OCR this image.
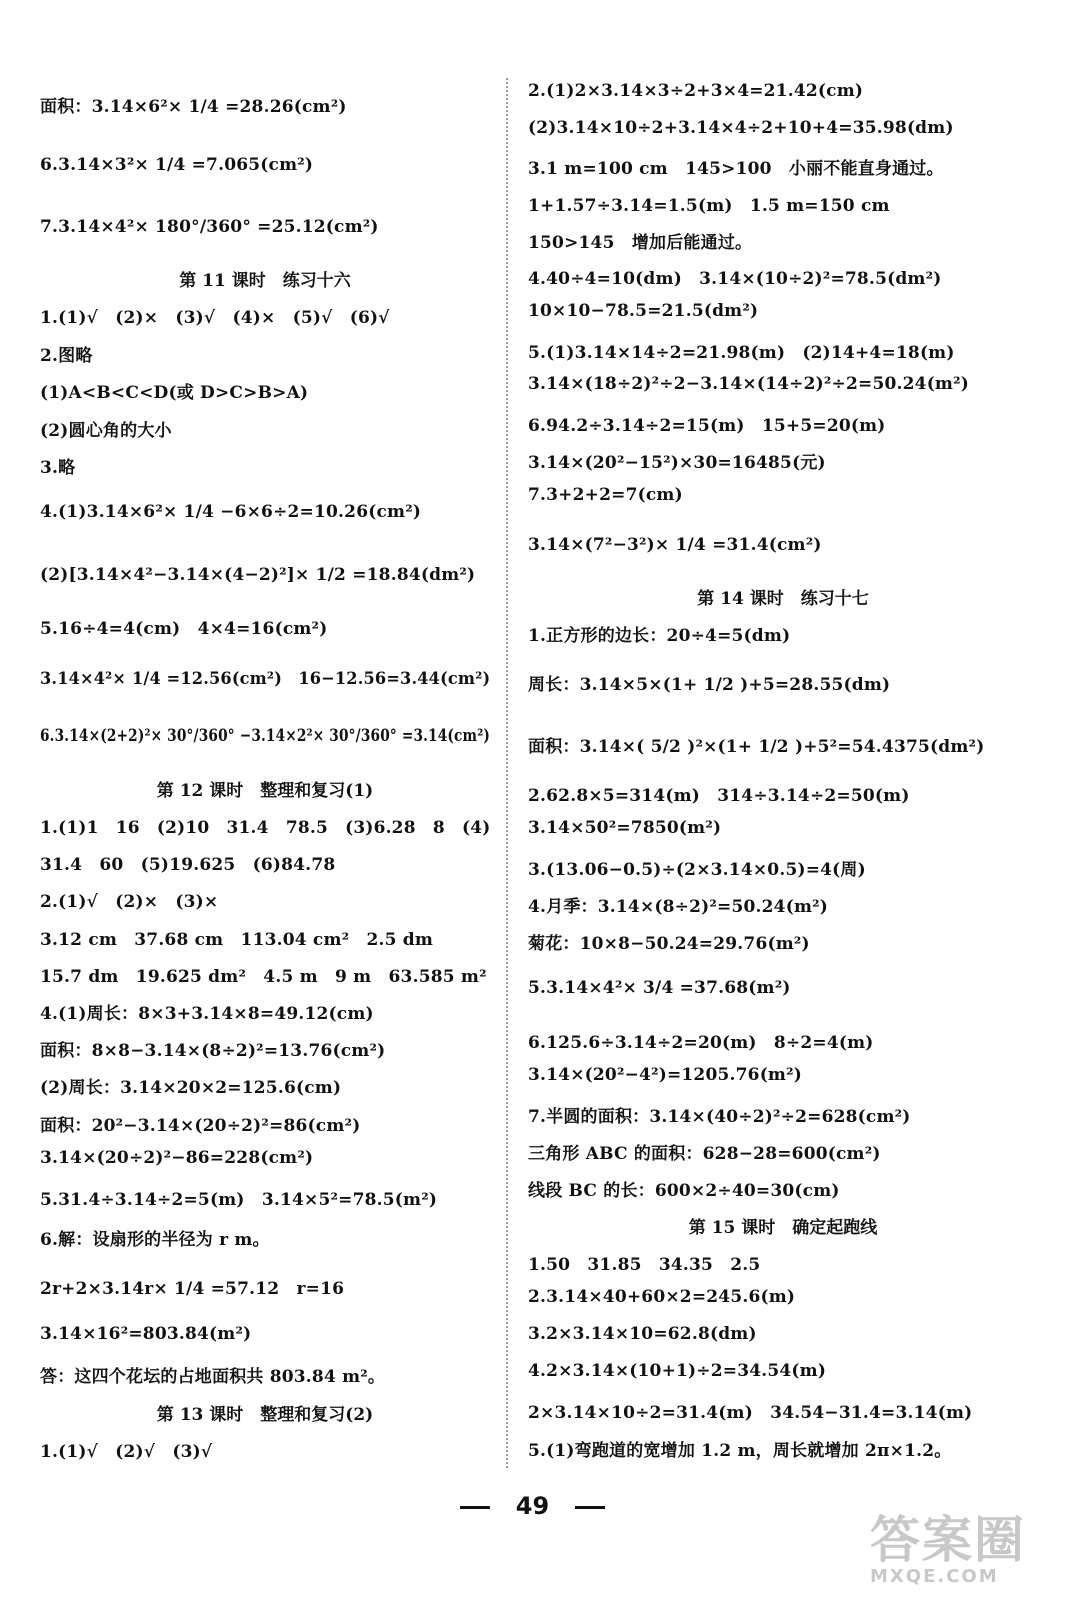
面积：3.14×6²× 1/4 =28.26(cm²)
6.3.14×3²× 1/4 =7.065(cm²)
7.3.14×4²× 180°/360° =25.12(cm²)
第 11 课时　练习十六
1.(1)√　(2)×　(3)√　(4)×　(5)√　(6)√
2.图略
(1)A<B<C<D(或 D>C>B>A)
(2)圆心角的大小
3.略
4.(1)3.14×6²× 1/4 −6×6÷2=10.26(cm²)
(2)[3.14×4²−3.14×(4−2)²]× 1/2 =18.84(dm²)
5.16÷4=4(cm)　4×4=16(cm²)
3.14×4²× 1/4 =12.56(cm²)　16−12.56=3.44(cm²)
6.3.14×(2+2)²× 30°/360° −3.14×2²× 30°/360° =3.14(cm²)
第 12 课时　整理和复习(1)
1.(1)1　16　(2)10　31.4　78.5　(3)6.28　8　(4)
31.4　60　(5)19.625　(6)84.78
2.(1)√　(2)×　(3)×
3.12 cm　37.68 cm　113.04 cm²　2.5 dm
15.7 dm　19.625 dm²　4.5 m　9 m　63.585 m²
4.(1)周长：8×3+3.14×8=49.12(cm)
面积：8×8−3.14×(8÷2)²=13.76(cm²)
(2)周长：3.14×20×2=125.6(cm)
面积：20²−3.14×(20÷2)²=86(cm²)
3.14×(20÷2)²−86=228(cm²)
5.31.4÷3.14÷2=5(m)　3.14×5²=78.5(m²)
6.解：设扇形的半径为 r m。
2r+2×3.14r× 1/4 =57.12　r=16
3.14×16²=803.84(m²)
答：这四个花坛的占地面积共 803.84 m²。
第 13 课时　整理和复习(2)
1.(1)√　(2)√　(3)√
2.(1)2×3.14×3÷2+3×4=21.42(cm)
(2)3.14×10÷2+3.14×4÷2+10+4=35.98(dm)
3.1 m=100 cm　145>100　小丽不能直身通过。
1+1.57÷3.14=1.5(m)　1.5 m=150 cm
150>145　增加后能通过。
4.40÷4=10(dm)　3.14×(10÷2)²=78.5(dm²)
10×10−78.5=21.5(dm²)
5.(1)3.14×14÷2=21.98(m)　(2)14+4=18(m)
3.14×(18÷2)²÷2−3.14×(14÷2)²÷2=50.24(m²)
6.94.2÷3.14÷2=15(m)　15+5=20(m)
3.14×(20²−15²)×30=16485(元)
7.3+2+2=7(cm)
3.14×(7²−3²)× 1/4 =31.4(cm²)
第 14 课时　练习十七
1.正方形的边长：20÷4=5(dm)
周长：3.14×5×(1+ 1/2 )+5=28.55(dm)
面积：3.14×( 5/2 )²×(1+ 1/2 )+5²=54.4375(dm²)
2.62.8×5=314(m)　314÷3.14÷2=50(m)
3.14×50²=7850(m²)
3.(13.06−0.5)÷(2×3.14×0.5)=4(周)
4.月季：3.14×(8÷2)²=50.24(m²)
菊花：10×8−50.24=29.76(m²)
5.3.14×4²× 3/4 =37.68(m²)
6.125.6÷3.14÷2=20(m)　8÷2=4(m)
3.14×(20²−4²)=1205.76(m²)
7.半圆的面积：3.14×(40÷2)²÷2=628(cm²)
三角形 ABC 的面积：628−28=600(cm²)
线段 BC 的长：600×2÷40=30(cm)
第 15 课时　确定起跑线
1.50　31.85　34.35　2.5
2.3.14×40+60×2=245.6(m)
3.2×3.14×10=62.8(dm)
4.2×3.14×(10+1)÷2=34.54(m)
2×3.14×10÷2=31.4(m)　34.54−31.4=3.14(m)
5.(1)弯跑道的宽增加 1.2 m，周长就增加 2π×1.2。
49
答案圈
MXQE.COM
